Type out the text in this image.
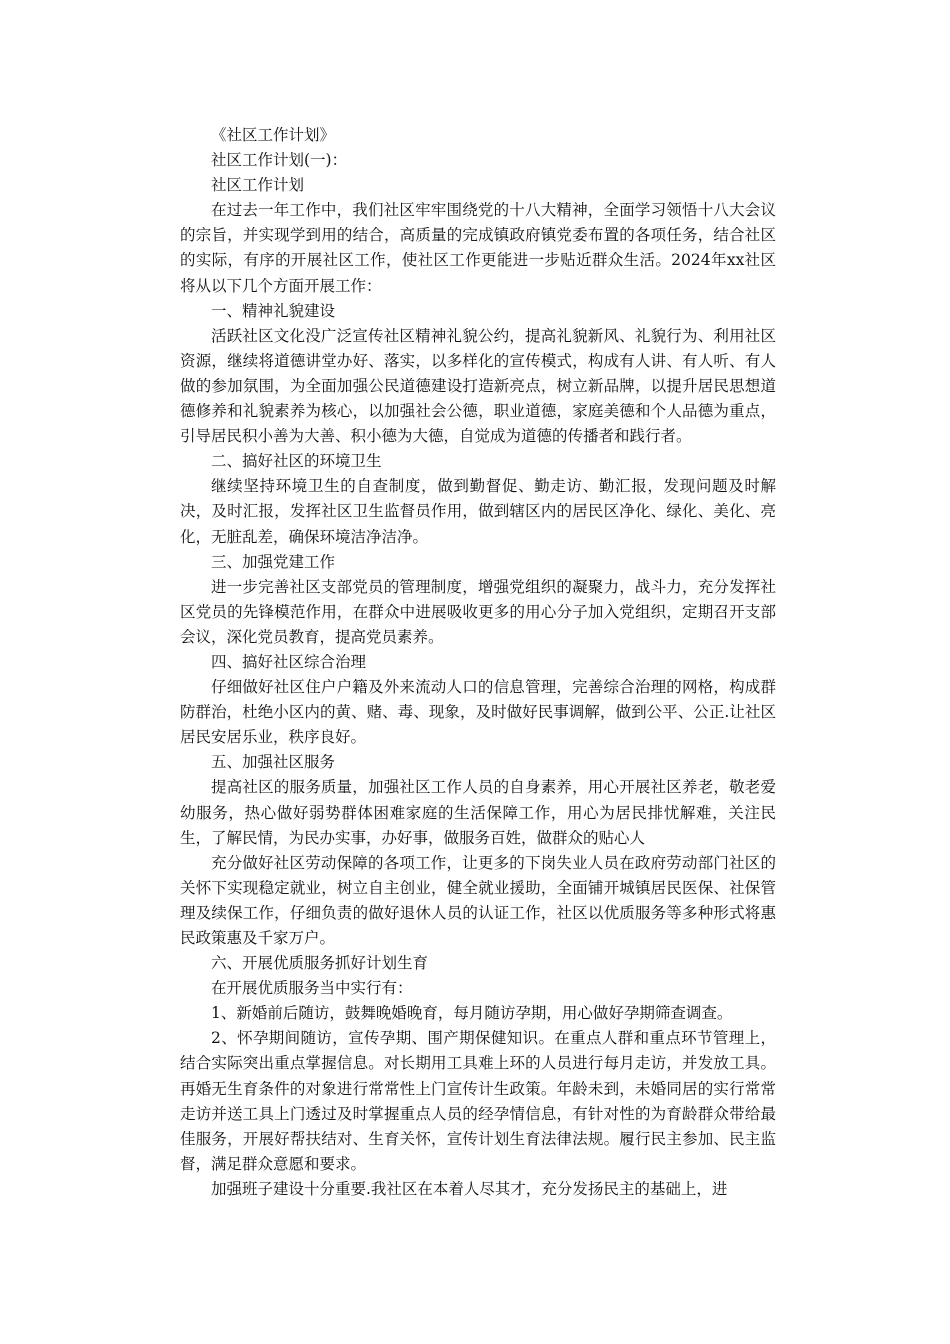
《社区工作计划》

社区工作计划(一)：

社区工作计划

在过去一年工作中，我们社区牢牢围绕党的十八大精神，全面学习领悟十八大会议的宗旨，并实现学到用的结合，高质量的完成镇政府镇党委布置的各项任务，结合社区的实际，有序的开展社区工作，使社区工作更能进一步贴近群众生活。2024年xx社区将从以下几个方面开展工作：

一、精神礼貌建设

活跃社区文化没广泛宣传社区精神礼貌公约，提高礼貌新风、礼貌行为、利用社区资源，继续将道德讲堂办好、落实，以多样化的宣传模式，构成有人讲、有人听、有人做的参加氛围，为全面加强公民道德建设打造新亮点，树立新品牌，以提升居民思想道德修养和礼貌素养为核心，以加强社会公德，职业道德，家庭美德和个人品德为重点，引导居民积小善为大善、积小德为大德，自觉成为道德的传播者和践行者。

二、搞好社区的环境卫生

继续坚持环境卫生的自查制度，做到勤督促、勤走访、勤汇报，发现问题及时解决，及时汇报，发挥社区卫生监督员作用，做到辖区内的居民区净化、绿化、美化、亮化，无脏乱差，确保环境洁净洁净。

三、加强党建工作

进一步完善社区支部党员的管理制度，增强党组织的凝聚力，战斗力，充分发挥社区党员的先锋模范作用，在群众中进展吸收更多的用心分子加入党组织，定期召开支部会议，深化党员教育，提高党员素养。

四、搞好社区综合治理

仔细做好社区住户户籍及外来流动人口的信息管理，完善综合治理的网格，构成群防群治，杜绝小区内的黄、赌、毒、现象，及时做好民事调解，做到公平、公正.让社区居民安居乐业，秩序良好。

五、加强社区服务

提高社区的服务质量，加强社区工作人员的自身素养，用心开展社区养老，敬老爱幼服务，热心做好弱势群体困难家庭的生活保障工作，用心为居民排忧解难，关注民生，了解民情，为民办实事，办好事，做服务百姓，做群众的贴心人

充分做好社区劳动保障的各项工作，让更多的下岗失业人员在政府劳动部门社区的关怀下实现稳定就业，树立自主创业，健全就业援助，全面铺开城镇居民医保、社保管理及续保工作，仔细负责的做好退休人员的认证工作，社区以优质服务等多种形式将惠民政策惠及千家万户。

六、开展优质服务抓好计划生育

在开展优质服务当中实行有：

1、新婚前后随访，鼓舞晚婚晚育，每月随访孕期，用心做好孕期筛查调查。

2、怀孕期间随访，宣传孕期、围产期保健知识。在重点人群和重点环节管理上，结合实际突出重点掌握信息。对长期用工具难上环的人员进行每月走访，并发放工具。再婚无生育条件的对象进行常常性上门宣传计生政策。年龄未到，未婚同居的实行常常走访并送工具上门透过及时掌握重点人员的经孕情信息，有针对性的为育龄群众带给最佳服务，开展好帮扶结对、生育关怀，宣传计划生育法律法规。履行民主参加、民主监督，满足群众意愿和要求。

加强班子建设十分重要.我社区在本着人尽其才，充分发扬民主的基础上，进
